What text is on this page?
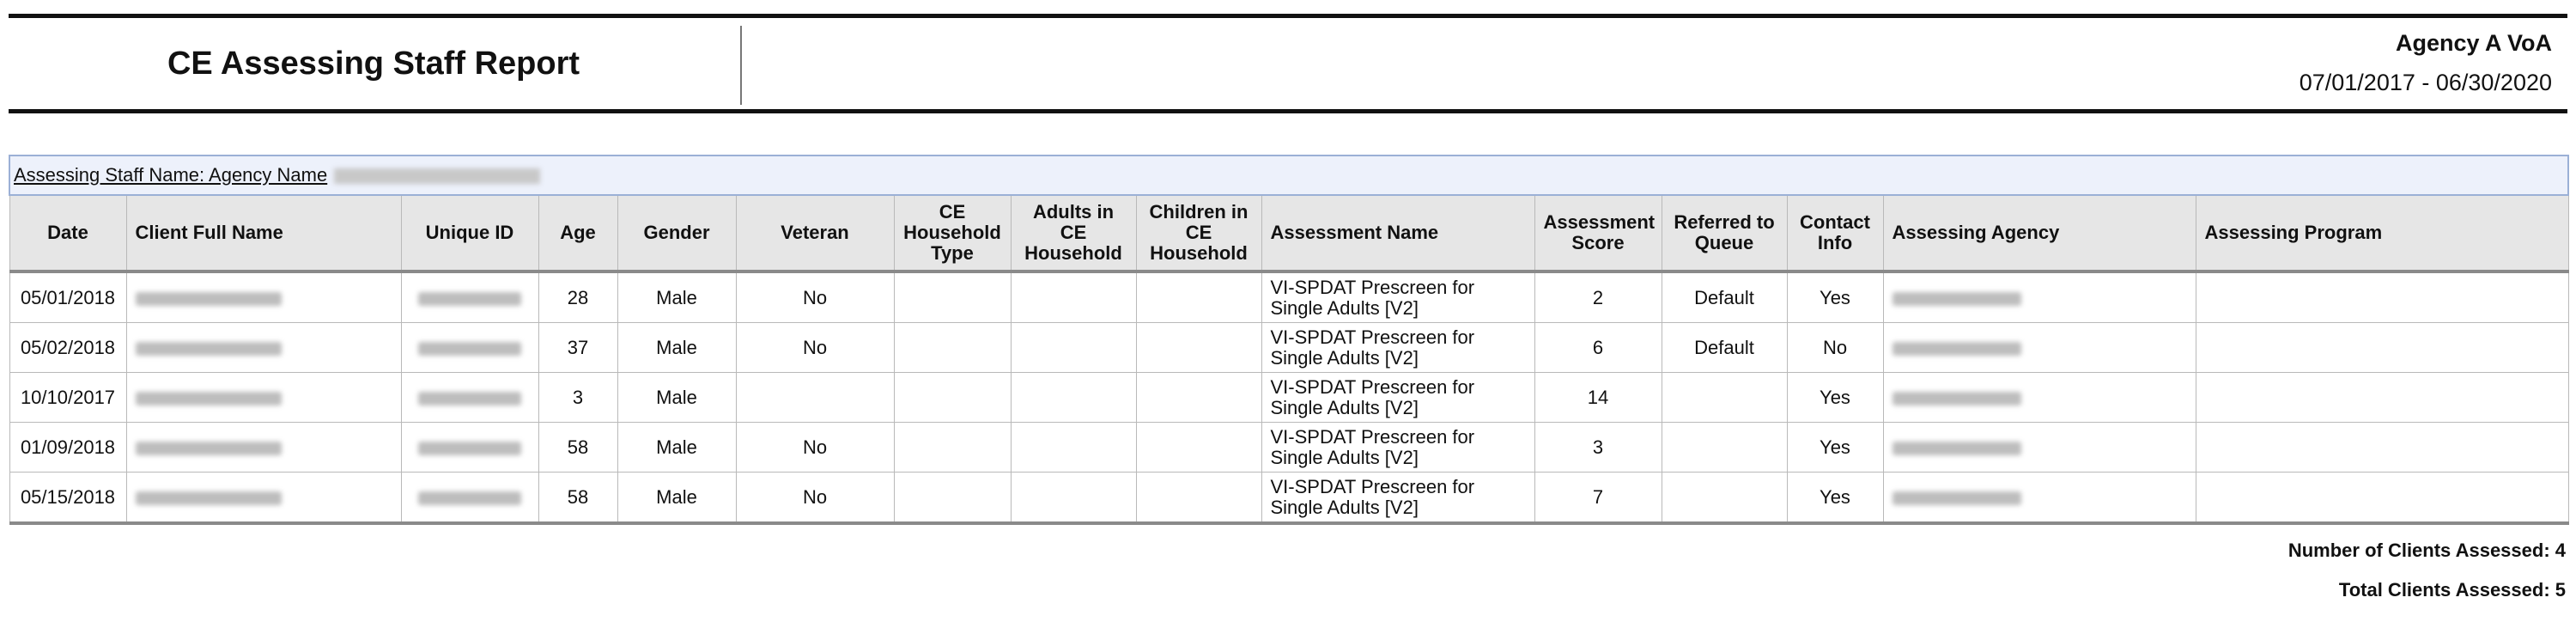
CE Assessing Staff Report
Agency A VoA
07/01/2017 - 06/30/2020
Assessing Staff Name: Agency Name														
Date	Client Full Name	Unique ID	Age	Gender	Veteran	CE Household Type	Adults in CE Household	Children in CE Household	Assessment Name	Assessment Score	Referred to Queue	Contact Info	Assessing Agency	Assessing Program
05/01/2018			28	Male	No				VI-SPDAT Prescreen for Single Adults [V2]	2	Default	Yes		
05/02/2018			37	Male	No				VI-SPDAT Prescreen for Single Adults [V2]	6	Default	No		
10/10/2017			3	Male					VI-SPDAT Prescreen for Single Adults [V2]	14		Yes		
01/09/2018			58	Male	No				VI-SPDAT Prescreen for Single Adults [V2]	3		Yes		
05/15/2018			58	Male	No				VI-SPDAT Prescreen for Single Adults [V2]	7		Yes		
Number of Clients Assessed: 4
Total Clients Assessed: 5
